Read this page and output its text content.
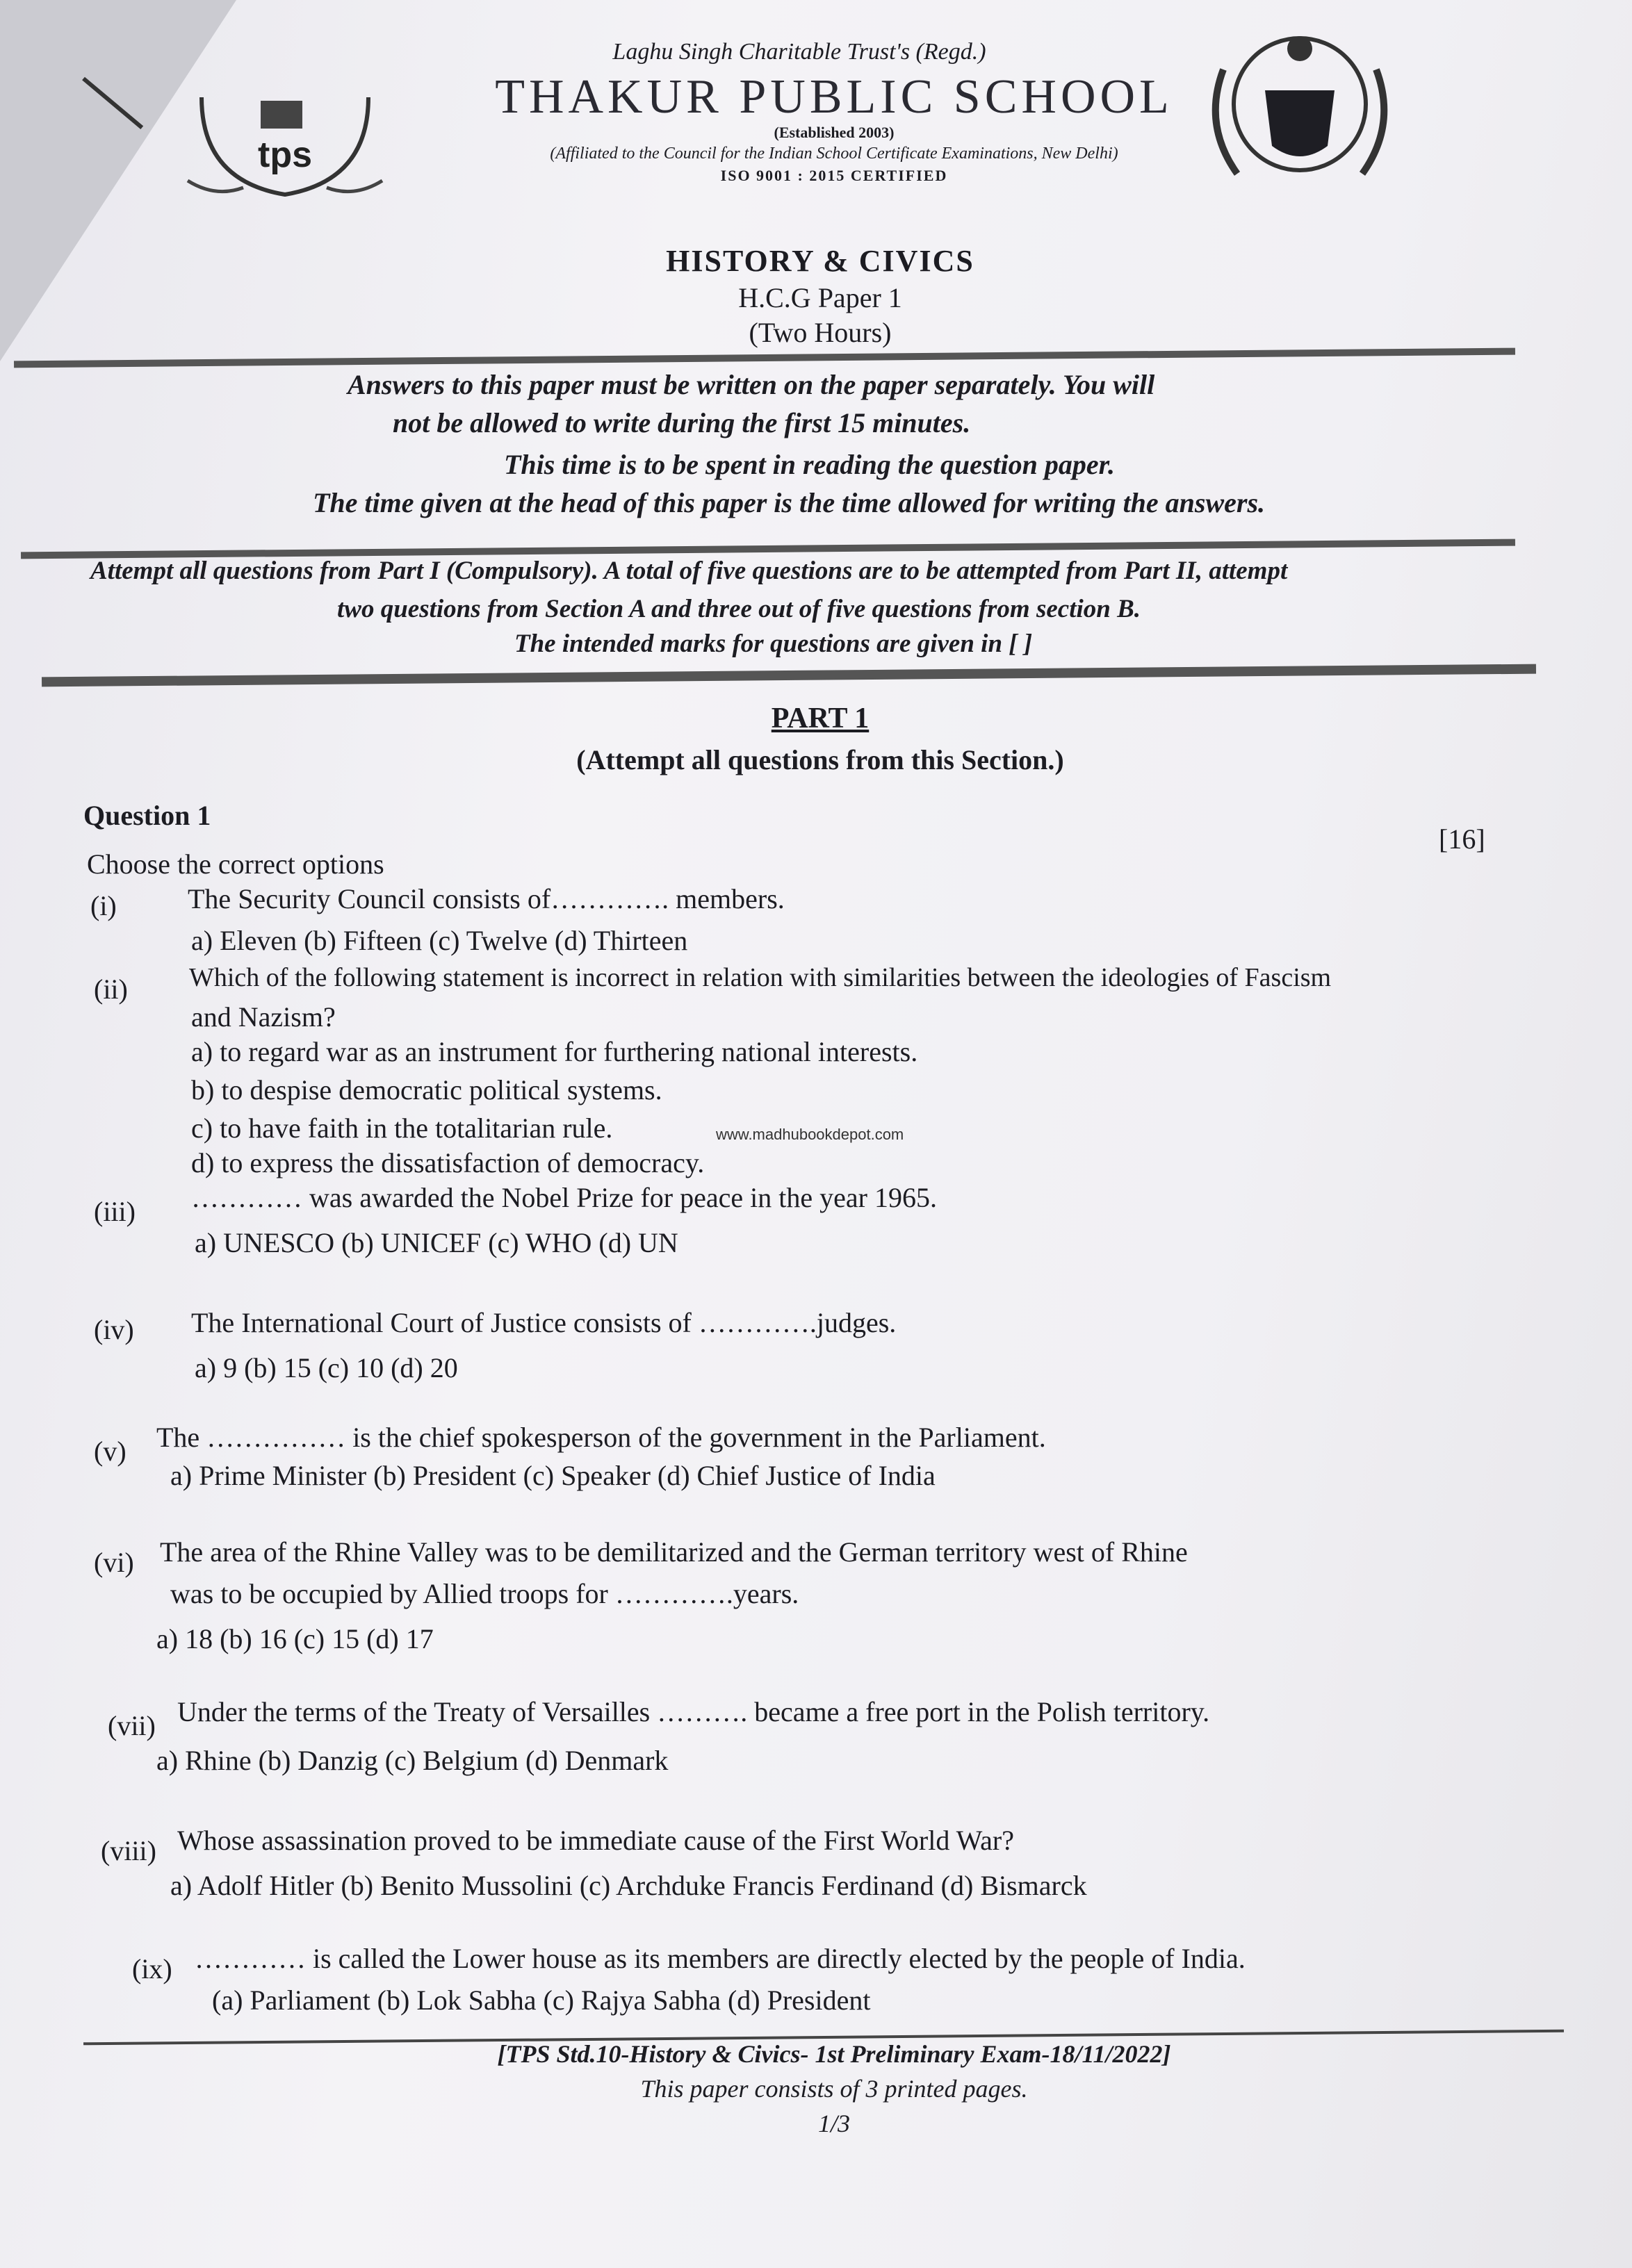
tps
Laghu Singh Charitable Trust's (Regd.)
THAKUR PUBLIC SCHOOL
(Established 2003)
(Affiliated to the Council for the Indian School Certificate Examinations, New Delhi)
ISO 9001 : 2015 CERTIFIED
HISTORY & CIVICS
H.C.G Paper 1
(Two Hours)
Answers to this paper must be written on the paper separately. You will
not be allowed to write during the first 15 minutes.
This time is to be spent in reading the question paper.
The time given at the head of this paper is the time allowed for writing the answers.
Attempt all questions from Part I (Compulsory). A total of five questions are to be attempted from Part II, attempt
two questions from Section A and three out of five questions from section B.
The intended marks for questions are given in [ ]
PART 1
(Attempt all questions from this Section.)
Question 1
[16]
Choose the correct options
(i)	The Security Council consists of…………. members.
a) Eleven (b) Fifteen (c) Twelve (d) Thirteen
(ii) Which of the following statement is incorrect in relation with similarities between the ideologies of Fascism
and Nazism?
a) to regard war as an instrument for furthering national interests.
b) to despise democratic political systems.
c) to have faith in the totalitarian rule.
d) to express the dissatisfaction of democracy.
www.madhubookdepot.com
(iii) ………… was awarded the Nobel Prize for peace in the year 1965.
a) UNESCO (b) UNICEF (c) WHO (d) UN
(iv) The International Court of Justice consists of ………….judges.
a) 9 (b) 15 (c) 10 (d) 20
(v) The …………… is the chief spokesperson of the government in the Parliament.
a) Prime Minister (b) President (c) Speaker (d) Chief Justice of India
(vi) The area of the Rhine Valley was to be demilitarized and the German territory west of Rhine
was to be occupied by Allied troops for ………….years.
a) 18 (b) 16 (c) 15 (d) 17
(vii) Under the terms of the Treaty of Versailles ………. became a free port in the Polish territory.
a) Rhine (b) Danzig (c) Belgium (d) Denmark
(viii) Whose assassination proved to be immediate cause of the First World War?
a) Adolf Hitler (b) Benito Mussolini (c) Archduke Francis Ferdinand (d) Bismarck
(ix) ………… is called the Lower house as its members are directly elected by the people of India.
(a) Parliament (b) Lok Sabha (c) Rajya Sabha (d) President
[TPS Std.10-History & Civics- 1st Preliminary Exam-18/11/2022]
This paper consists of 3 printed pages.
1/3
